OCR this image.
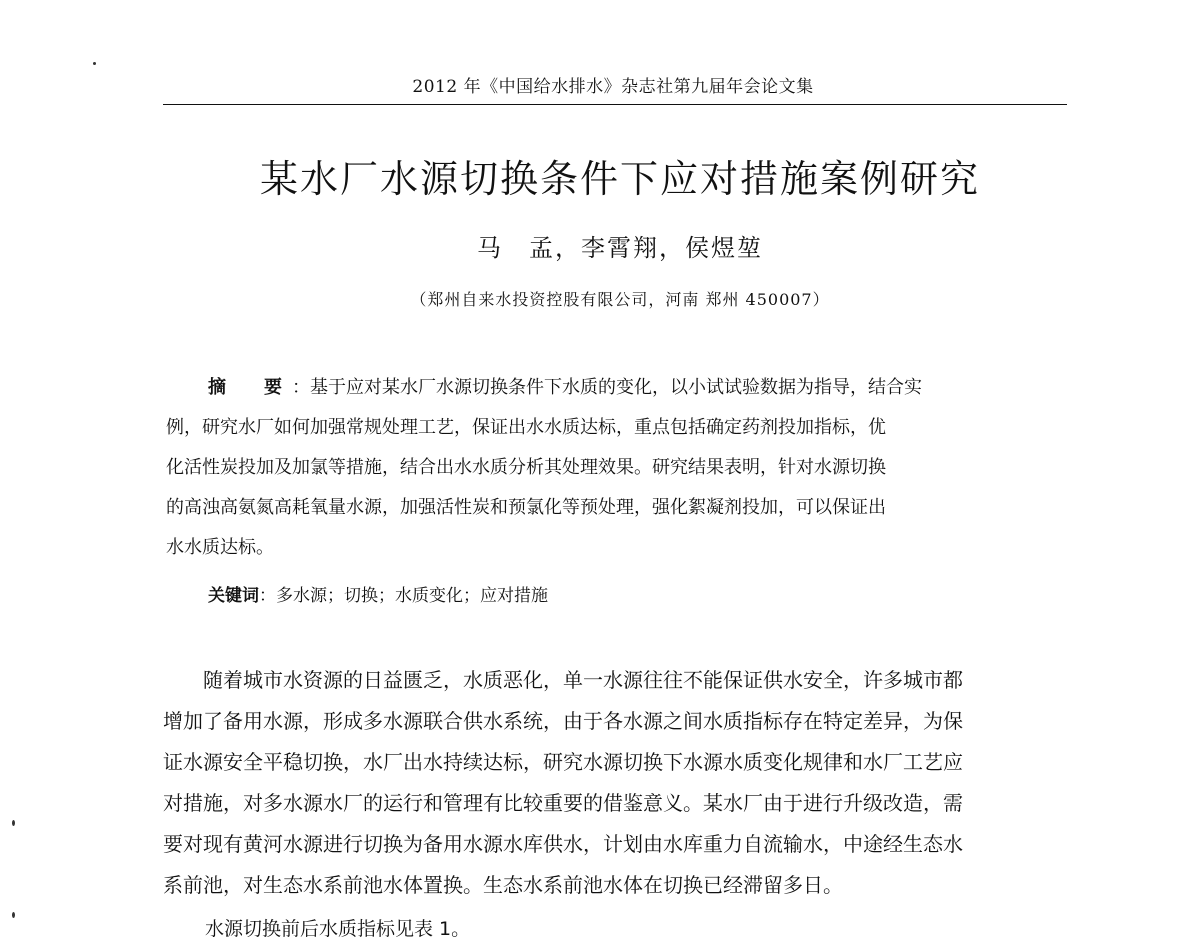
2012 年《中国给水排水》杂志社第九届年会论文集
某水厂水源切换条件下应对措施案例研究
马　孟，李霄翔，侯煜堃
（郑州自来水投资控股有限公司，河南 郑州 450007）
摘　要：基于应对某水厂水源切换条件下水质的变化，以小试试验数据为指导，结合实
例，研究水厂如何加强常规处理工艺，保证出水水质达标，重点包括确定药剂投加指标，优
化活性炭投加及加氯等措施，结合出水水质分析其处理效果。研究结果表明，针对水源切换
的高浊高氨氮高耗氧量水源，加强活性炭和预氯化等预处理，强化絮凝剂投加，可以保证出
水水质达标。
关键词：多水源；切换；水质变化；应对措施
随着城市水资源的日益匮乏，水质恶化，单一水源往往不能保证供水安全，许多城市都
增加了备用水源，形成多水源联合供水系统，由于各水源之间水质指标存在特定差异，为保
证水源安全平稳切换，水厂出水持续达标，研究水源切换下水源水质变化规律和水厂工艺应
对措施，对多水源水厂的运行和管理有比较重要的借鉴意义。某水厂由于进行升级改造，需
要对现有黄河水源进行切换为备用水源水库供水，计划由水库重力自流输水，中途经生态水
系前池，对生态水系前池水体置换。生态水系前池水体在切换已经滞留多日。
水源切换前后水质指标见表 1。
